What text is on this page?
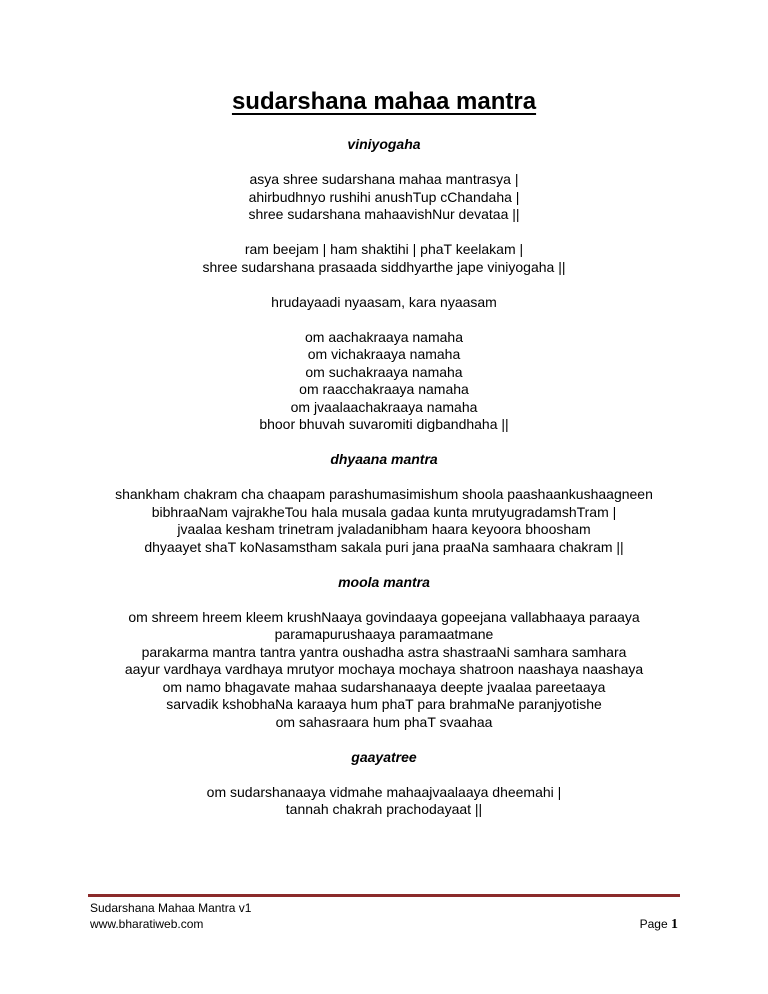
sudarshana mahaa mantra
viniyogaha
asya shree sudarshana mahaa mantrasya |
ahirbudhnyo rushihi anushTup cChandaha |
shree sudarshana mahaavishNur devataa ||
ram beejam | ham shaktihi | phaT keelakam |
shree sudarshana prasaada siddhyarthe jape viniyogaha ||
hrudayaadi nyaasam, kara nyaasam
om aachakraaya namaha
om vichakraaya namaha
om suchakraaya namaha
om raacchakraaya namaha
om jvaalaachakraaya namaha
bhoor bhuvah suvaromiti digbandhaha ||
dhyaana mantra
shankham chakram cha chaapam parashumasimishum shoola paashaankushaagneen
bibhraaNam vajrakheTou hala musala gadaa kunta mrutyugradamshTram |
jvaalaa kesham trinetram jvaladanibham haara keyoora bhoosham
dhyaayet shaT koNasamstham sakala puri jana praaNa samhaara chakram ||
moola mantra
om shreem hreem kleem krushNaaya govindaaya gopeejana vallabhaaya paraaya
paramapurushaaya paramaatmane
parakarma mantra tantra yantra oushadha astra shastraaNi samhara samhara
aayur vardhaya vardhaya mrutyor mochaya mochaya shatroon naashaya naashaya
om namo bhagavate mahaa sudarshanaaya deepte jvaalaa pareetaaya
sarvadik kshobhaNa karaaya hum phaT para brahmaNe paranjyotishe
om sahasraara hum phaT svaahaa
gaayatree
om sudarshanaaya vidmahe mahaajvaalaaya dheemahi |
tannah chakrah prachodayaat ||
Sudarshana Mahaa Mantra v1
www.bharatiweb.com	Page 1
